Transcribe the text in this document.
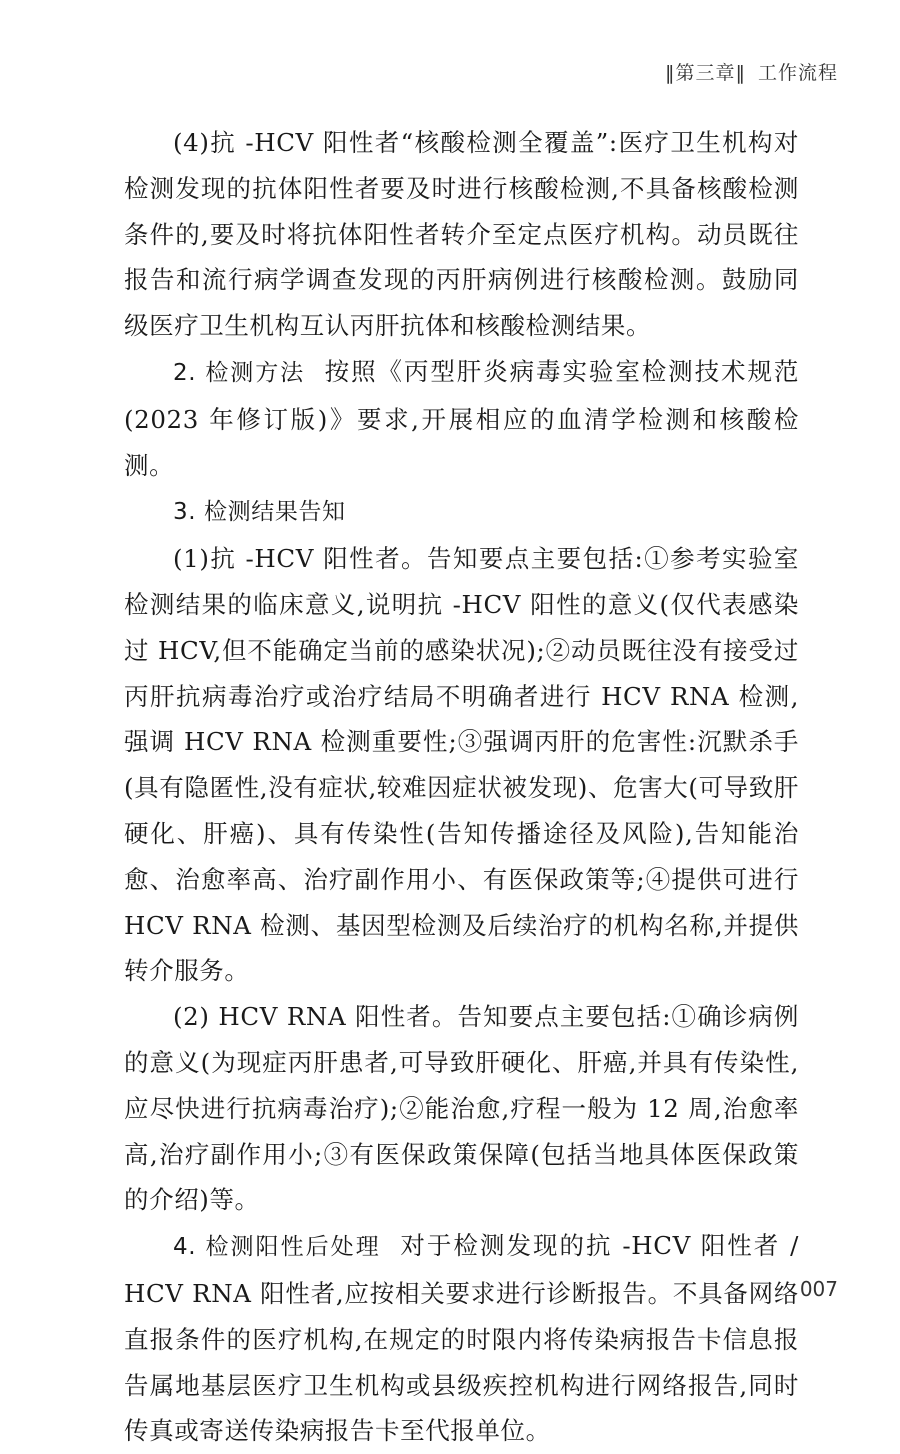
‖第三章‖ 工作流程

(4)抗 -HCV 阳性者“核酸检测全覆盖”:医疗卫生机构对检测发现的抗体阳性者要及时进行核酸检测,不具备核酸检测条件的,要及时将抗体阳性者转介至定点医疗机构。动员既往报告和流行病学调查发现的丙肝病例进行核酸检测。鼓励同级医疗卫生机构互认丙肝抗体和核酸检测结果。

2. 检测方法 按照《丙型肝炎病毒实验室检测技术规范(2023 年修订版)》要求,开展相应的血清学检测和核酸检测。

3. 检测结果告知

(1)抗 -HCV 阳性者。告知要点主要包括:①参考实验室检测结果的临床意义,说明抗 -HCV 阳性的意义(仅代表感染过 HCV,但不能确定当前的感染状况);②动员既往没有接受过丙肝抗病毒治疗或治疗结局不明确者进行 HCV RNA 检测,强调 HCV RNA 检测重要性;③强调丙肝的危害性:沉默杀手(具有隐匿性,没有症状,较难因症状被发现)、危害大(可导致肝硬化、肝癌)、具有传染性(告知传播途径及风险),告知能治愈、治愈率高、治疗副作用小、有医保政策等;④提供可进行 HCV RNA 检测、基因型检测及后续治疗的机构名称,并提供转介服务。

(2) HCV RNA 阳性者。告知要点主要包括:①确诊病例的意义(为现症丙肝患者,可导致肝硬化、肝癌,并具有传染性,应尽快进行抗病毒治疗);②能治愈,疗程一般为 12 周,治愈率高,治疗副作用小;③有医保政策保障(包括当地具体医保政策的介绍)等。

4. 检测阳性后处理 对于检测发现的抗 -HCV 阳性者 / HCV RNA 阳性者,应按相关要求进行诊断报告。不具备网络直报条件的医疗机构,在规定的时限内将传染病报告卡信息报告属地基层医疗卫生机构或县级疾控机构进行网络报告,同时传真或寄送传染病报告卡至代报单位。

007
